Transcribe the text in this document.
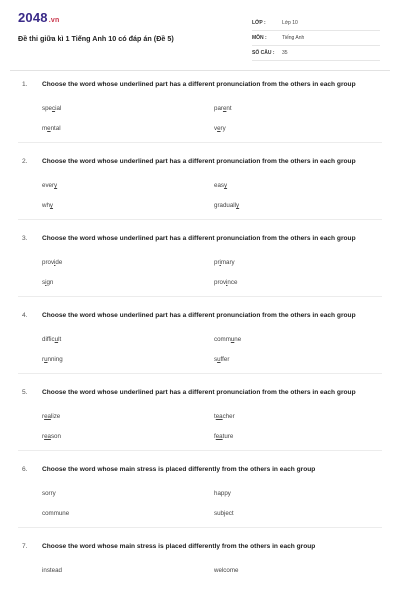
2048.vn
Đề thi giữa kì 1 Tiếng Anh 10 có đáp án (Đề 5)
LỚP :	Lớp 10
MÔN :	Tiếng Anh
SỐ CÂU :	35
1.	Choose the word whose underlined part has a different pronunciation from the others in each group
special	parent
mental	very
2.	Choose the word whose underlined part has a different pronunciation from the others in each group
every	easy
why	gradually
3.	Choose the word whose underlined part has a different pronunciation from the others in each group
provide	primary
sign	province
4.	Choose the word whose underlined part has a different pronunciation from the others in each group
difficult	commune
running	suffer
5.	Choose the word whose underlined part has a different pronunciation from the others in each group
realize	teacher
reason	feature
6.	Choose the word whose main stress is placed differently from the others in each group
sorry	happy
commune	subject
7.	Choose the word whose main stress is placed differently from the others in each group
instead	welcome
